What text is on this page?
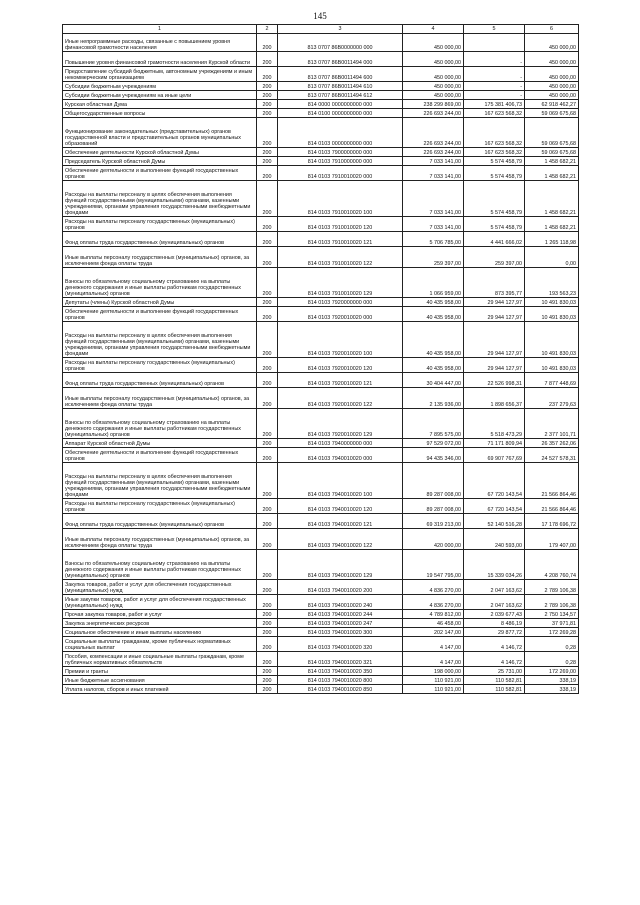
145
1	2	3	4	5	6
Иные непрограммные расходы, связанные с повышением уровня финансовой грамотности населения	200	813 0707 86В0000000 000	450 000,00		450 000,00
Повышение уровня финансовой грамотности населения Курской области	200	813 0707 86В0011494 000	450 000,00	-	450 000,00
Предоставление субсидий бюджетным, автономным учреждениям и иным некоммерческим организациям	200	813 0707 86В0011494 600	450 000,00	-	450 000,00
Субсидии бюджетным учреждениям	200	813 0707 86В0011494 610	450 000,00	-	450 000,00
Субсидии бюджетным учреждениям на иные цели	200	813 0707 86В0011494 612	450 000,00	-	450 000,00
Курская областная Дума	200	814 0000 0000000000 000	238 299 869,00	175 381 406,73	62 918 462,27
Общегосударственные вопросы	200	814 0100 0000000000 000	226 693 244,00	167 623 568,32	59 069 675,68
Функционирование законодательных (представительных) органов государственной власти и представительных органов муниципальных образований	200	814 0103 0000000000 000	226 693 244,00	167 623 568,32	59 069 675,68
Обеспечение деятельности Курской областной Думы	200	814 0103 7900000000 000	226 693 244,00	167 623 568,32	59 069 675,68
Председатель Курской областной Думы	200	814 0103 7910000000 000	7 033 141,00	5 574 458,79	1 458 682,21
Обеспечение деятельности и выполнение функций государственных органов	200	814 0103 7910010020 000	7 033 141,00	5 574 458,79	1 458 682,21
Расходы на выплаты персоналу в целях обеспечения выполнения функций государственными (муниципальными) органами, казенными учреждениями, органами управления государственными внебюджетными фондами	200	814 0103 7910010020 100	7 033 141,00	5 574 458,79	1 458 682,21
Расходы на выплаты персоналу государственных (муниципальных) органов	200	814 0103 7910010020 120	7 033 141,00	5 574 458,79	1 458 682,21
Фонд оплаты труда государственных (муниципальных) органов	200	814 0103 7910010020 121	5 706 785,00	4 441 666,02	1 265 118,98
Иные выплаты персоналу государственных (муниципальных) органов, за исключением фонда оплаты труда	200	814 0103 7910010020 122	259 397,00	259 397,00	0,00
Взносы по обязательному социальному страхованию на выплаты денежного содержания и иные выплаты работникам государственных (муниципальных) органов	200	814 0103 7910010020 129	1 066 959,00	873 395,77	193 563,23
Депутаты (члены) Курской областной Думы	200	814 0103 7920000000 000	40 435 958,00	29 944 127,97	10 491 830,03
Обеспечение деятельности и выполнение функций государственных органов	200	814 0103 7920010020 000	40 435 958,00	29 944 127,97	10 491 830,03
Расходы на выплаты персоналу в целях обеспечения выполнения функций государственными (муниципальными) органами, казенными учреждениями, органами управления государственными внебюджетными фондами	200	814 0103 7920010020 100	40 435 958,00	29 944 127,97	10 491 830,03
Расходы на выплаты персоналу государственных (муниципальных) органов	200	814 0103 7920010020 120	40 435 958,00	29 944 127,97	10 491 830,03
Фонд оплаты труда государственных (муниципальных) органов	200	814 0103 7920010020 121	30 404 447,00	22 526 998,31	7 877 448,69
Иные выплаты персоналу государственных (муниципальных) органов, за исключением фонда оплаты труда	200	814 0103 7920010020 122	2 135 936,00	1 898 656,37	237 279,63
Взносы по обязательному социальному страхованию на выплаты денежного содержания и иные выплаты работникам государственных (муниципальных) органов	200	814 0103 7920010020 129	7 895 575,00	5 518 473,29	2 377 101,71
Аппарат Курской областной Думы	200	814 0103 7940000000 000	97 529 072,00	71 171 809,94	26 357 262,06
Обеспечение деятельности и выполнение функций государственных органов	200	814 0103 7940010020 000	94 435 346,00	69 907 767,69	24 527 578,31
Расходы на выплаты персоналу в целях обеспечения выполнения функций государственными (муниципальными) органами, казенными учреждениями, органами управления государственными внебюджетными фондами	200	814 0103 7940010020 100	89 287 008,00	67 720 143,54	21 566 864,46
Расходы на выплаты персоналу государственных (муниципальных) органов	200	814 0103 7940010020 120	89 287 008,00	67 720 143,54	21 566 864,46
Фонд оплаты труда государственных (муниципальных) органов	200	814 0103 7940010020 121	69 319 213,00	52 140 516,28	17 178 696,72
Иные выплаты персоналу государственных (муниципальных) органов, за исключением фонда оплаты труда	200	814 0103 7940010020 122	420 000,00	240 593,00	179 407,00
Взносы по обязательному социальному страхованию на выплаты денежного содержания и иные выплаты работникам государственных (муниципальных) органов	200	814 0103 7940010020 129	19 547 795,00	15 339 034,26	4 208 760,74
Закупка товаров, работ и услуг для обеспечения государственных (муниципальных) нужд	200	814 0103 7940010020 200	4 836 270,00	2 047 163,62	2 789 106,38
Иные закупки товаров, работ и услуг для обеспечения государственных (муниципальных) нужд	200	814 0103 7940010020 240	4 836 270,00	2 047 163,62	2 789 106,38
Прочая закупка товаров, работ и услуг	200	814 0103 7940010020 244	4 789 812,00	2 039 677,43	2 750 134,57
Закупка энергетических ресурсов	200	814 0103 7940010020 247	46 458,00	8 486,19	37 971,81
Социальное обеспечение и иные выплаты населению	200	814 0103 7940010020 300	202 147,00	29 877,72	172 269,28
Социальные выплаты гражданам, кроме публичных нормативных социальных выплат	200	814 0103 7940010020 320	4 147,00	4 146,72	0,28
Пособия, компенсации и иные социальные выплаты гражданам, кроме публичных нормативных обязательств	200	814 0103 7940010020 321	4 147,00	4 146,72	0,28
Премии и гранты	200	814 0103 7940010020 350	198 000,00	25 731,00	172 269,00
Иные бюджетные ассигнования	200	814 0103 7940010020 800	110 921,00	110 582,81	338,19
Уплата налогов, сборов и иных платежей	200	814 0103 7940010020 850	110 921,00	110 582,81	338,19
